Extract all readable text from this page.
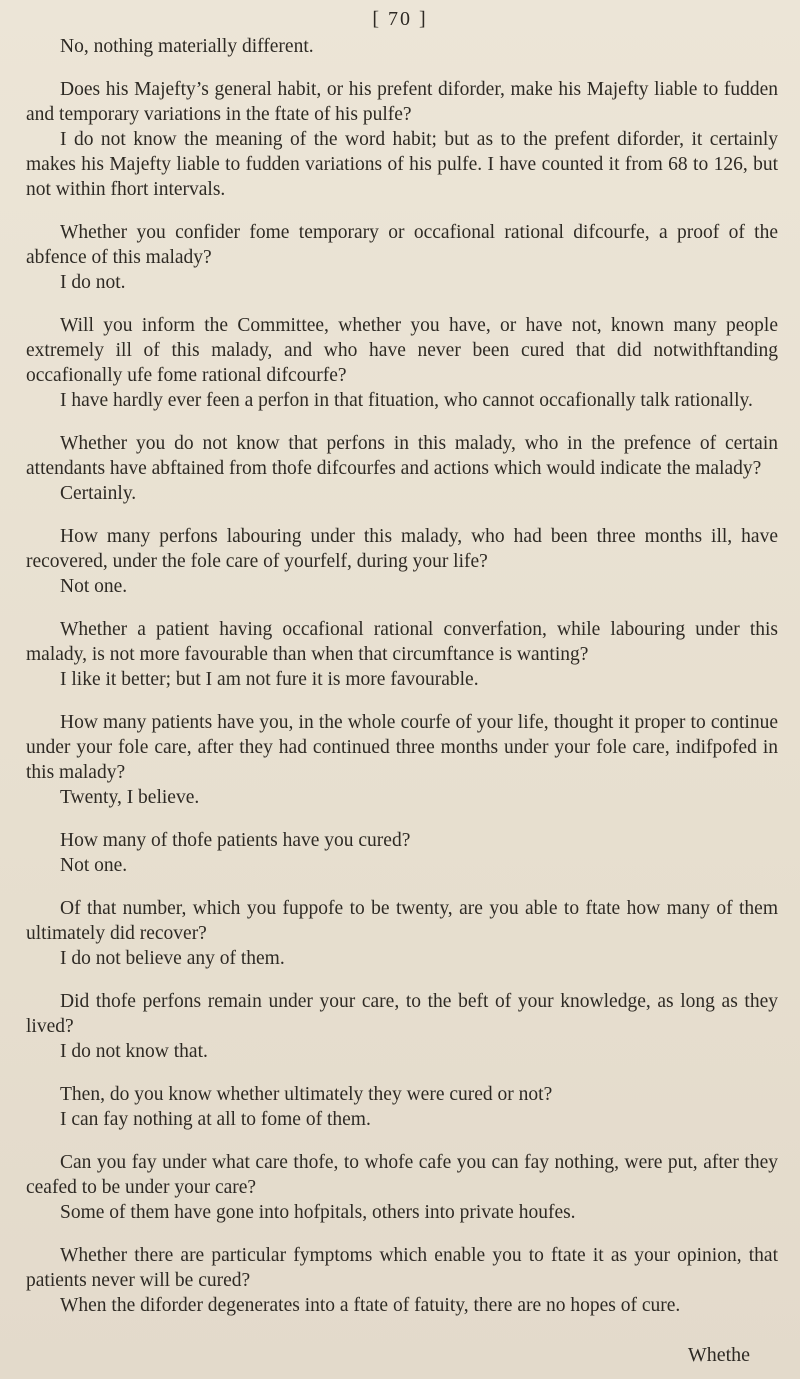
[ 70 ]

No, nothing materially different.

Does his Majefty’s general habit, or his prefent diforder, make his Majefty liable to fudden and temporary variations in the ftate of his pulfe?

I do not know the meaning of the word habit; but as to the prefent diforder, it certainly makes his Majefty liable to fudden variations of his pulfe. I have counted it from 68 to 126, but not within fhort intervals.

Whether you confider fome temporary or occafional rational difcourfe, a proof of the abfence of this malady?

I do not.

Will you inform the Committee, whether you have, or have not, known many people extremely ill of this malady, and who have never been cured that did notwithftanding occafionally ufe fome rational difcourfe?

I have hardly ever feen a perfon in that fituation, who cannot occafionally talk rationally.

Whether you do not know that perfons in this malady, who in the prefence of certain attendants have abftained from thofe difcourfes and actions which would indicate the malady?

Certainly.

How many perfons labouring under this malady, who had been three months ill, have recovered, under the fole care of yourfelf, during your life?

Not one.

Whether a patient having occafional rational converfation, while labouring under this malady, is not more favourable than when that circumftance is wanting?

I like it better; but I am not fure it is more favourable.

How many patients have you, in the whole courfe of your life, thought it proper to continue under your fole care, after they had continued three months under your fole care, indifpofed in this malady?

Twenty, I believe.

How many of thofe patients have you cured?

Not one.

Of that number, which you fuppofe to be twenty, are you able to ftate how many of them ultimately did recover?

I do not believe any of them.

Did thofe perfons remain under your care, to the beft of your knowledge, as long as they lived?

I do not know that.

Then, do you know whether ultimately they were cured or not?

I can fay nothing at all to fome of them.

Can you fay under what care thofe, to whofe cafe you can fay nothing, were put, after they ceafed to be under your care?

Some of them have gone into hofpitals, others into private houfes.

Whether there are particular fymptoms which enable you to ftate it as your opinion, that patients never will be cured?

When the diforder degenerates into a ftate of fatuity, there are no hopes of cure.

Whethe
